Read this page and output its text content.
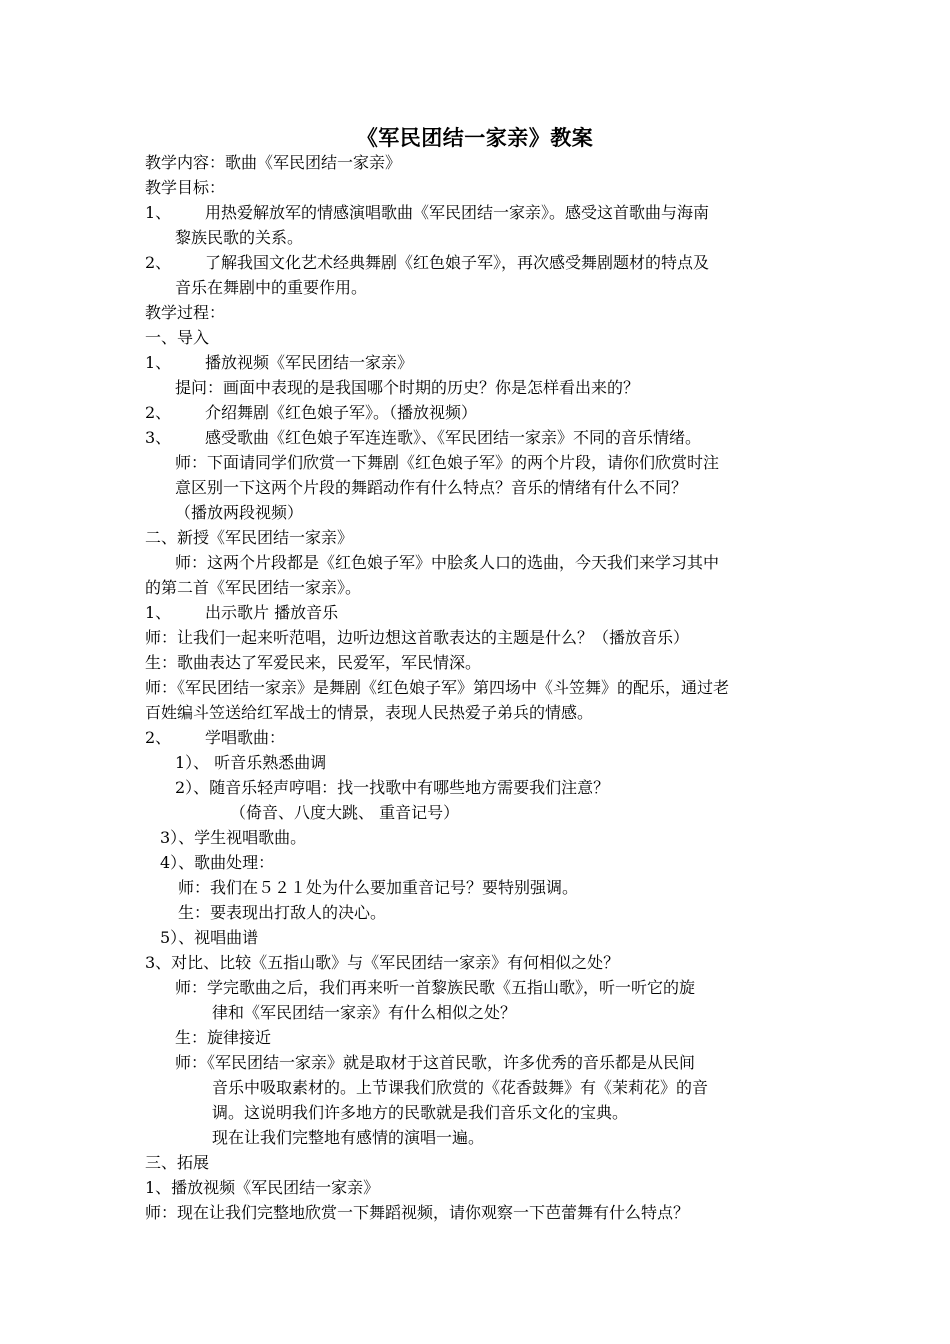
《军民团结一家亲》教案
教学内容：歌曲《军民团结一家亲》
教学目标：
1、 用热爱解放军的情感演唱歌曲《军民团结一家亲》。感受这首歌曲与海南
黎族民歌的关系。
2、 了解我国文化艺术经典舞剧《红色娘子军》，再次感受舞剧题材的特点及
音乐在舞剧中的重要作用。
教学过程：
一、导入
1、 播放视频《军民团结一家亲》
提问：画面中表现的是我国哪个时期的历史？你是怎样看出来的？
2、 介绍舞剧《红色娘子军》。（播放视频）
3、 感受歌曲《红色娘子军连连歌》、《军民团结一家亲》不同的音乐情绪。
师：下面请同学们欣赏一下舞剧《红色娘子军》的两个片段，请你们欣赏时注
意区别一下这两个片段的舞蹈动作有什么特点？音乐的情绪有什么不同？
（播放两段视频）
二、新授《军民团结一家亲》
师：这两个片段都是《红色娘子军》中脍炙人口的选曲，今天我们来学习其中
的第二首《军民团结一家亲》。
1、 出示歌片 播放音乐
师：让我们一起来听范唱，边听边想这首歌表达的主题是什么？（播放音乐）
生：歌曲表达了军爱民来，民爱军，军民情深。
师：《军民团结一家亲》是舞剧《红色娘子军》第四场中《斗笠舞》的配乐，通过老
百姓编斗笠送给红军战士的情景，表现人民热爱子弟兵的情感。
2、 学唱歌曲：
1）、 听音乐熟悉曲调
2）、随音乐轻声哼唱：找一找歌中有哪些地方需要我们注意？
（倚音、八度大跳、 重音记号）
3）、学生视唱歌曲。
4）、歌曲处理：
师：我们在５２１处为什么要加重音记号？要特别强调。
生：要表现出打敌人的决心。
5）、视唱曲谱
3、对比、比较《五指山歌》与《军民团结一家亲》有何相似之处？
师：学完歌曲之后，我们再来听一首黎族民歌《五指山歌》，听一听它的旋
律和《军民团结一家亲》有什么相似之处？
生：旋律接近
师：《军民团结一家亲》就是取材于这首民歌，许多优秀的音乐都是从民间
音乐中吸取素材的。上节课我们欣赏的《花香鼓舞》有《茉莉花》的音
调。这说明我们许多地方的民歌就是我们音乐文化的宝典。
现在让我们完整地有感情的演唱一遍。
三、拓展
1、播放视频《军民团结一家亲》
师：现在让我们完整地欣赏一下舞蹈视频，请你观察一下芭蕾舞有什么特点？
